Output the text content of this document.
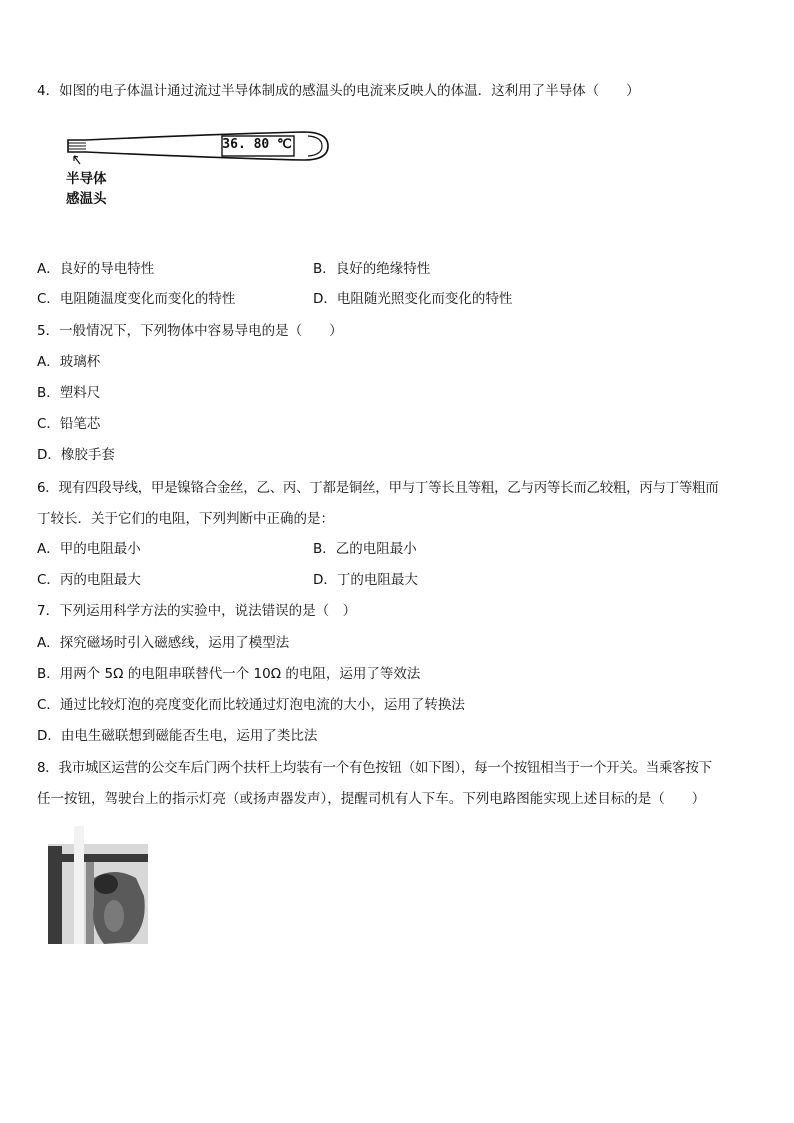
4．如图的电子体温计通过流过半导体制成的感温头的电流来反映人的体温．这利用了半导体（　　）
36. 80 ℃
半导体
感温头
A．良好的导电特性	B．良好的绝缘特性
C．电阻随温度变化而变化的特性	D．电阻随光照变化而变化的特性
5．一般情况下，下列物体中容易导电的是（　　）
A．玻璃杯
B．塑料尺
C．铅笔芯
D．橡胶手套
6．现有四段导线，甲是镍铬合金丝，乙、丙、丁都是铜丝，甲与丁等长且等粗，乙与丙等长而乙较粗，丙与丁等粗而
丁较长．关于它们的电阻，下列判断中正确的是：
A．甲的电阻最小	B．乙的电阻最小
C．丙的电阻最大	D．丁的电阻最大
7．下列运用科学方法的实验中，说法错误的是（　）
A．探究磁场时引入磁感线，运用了模型法
B．用两个 5Ω 的电阻串联替代一个 10Ω 的电阻，运用了等效法
C．通过比较灯泡的亮度变化而比较通过灯泡电流的大小，运用了转换法
D．由电生磁联想到磁能否生电，运用了类比法
8．我市城区运营的公交车后门两个扶杆上均装有一个有色按钮（如下图），每一个按钮相当于一个开关。当乘客按下
任一按钮，驾驶台上的指示灯亮（或扬声器发声），提醒司机有人下车。下列电路图能实现上述目标的是（　　）
